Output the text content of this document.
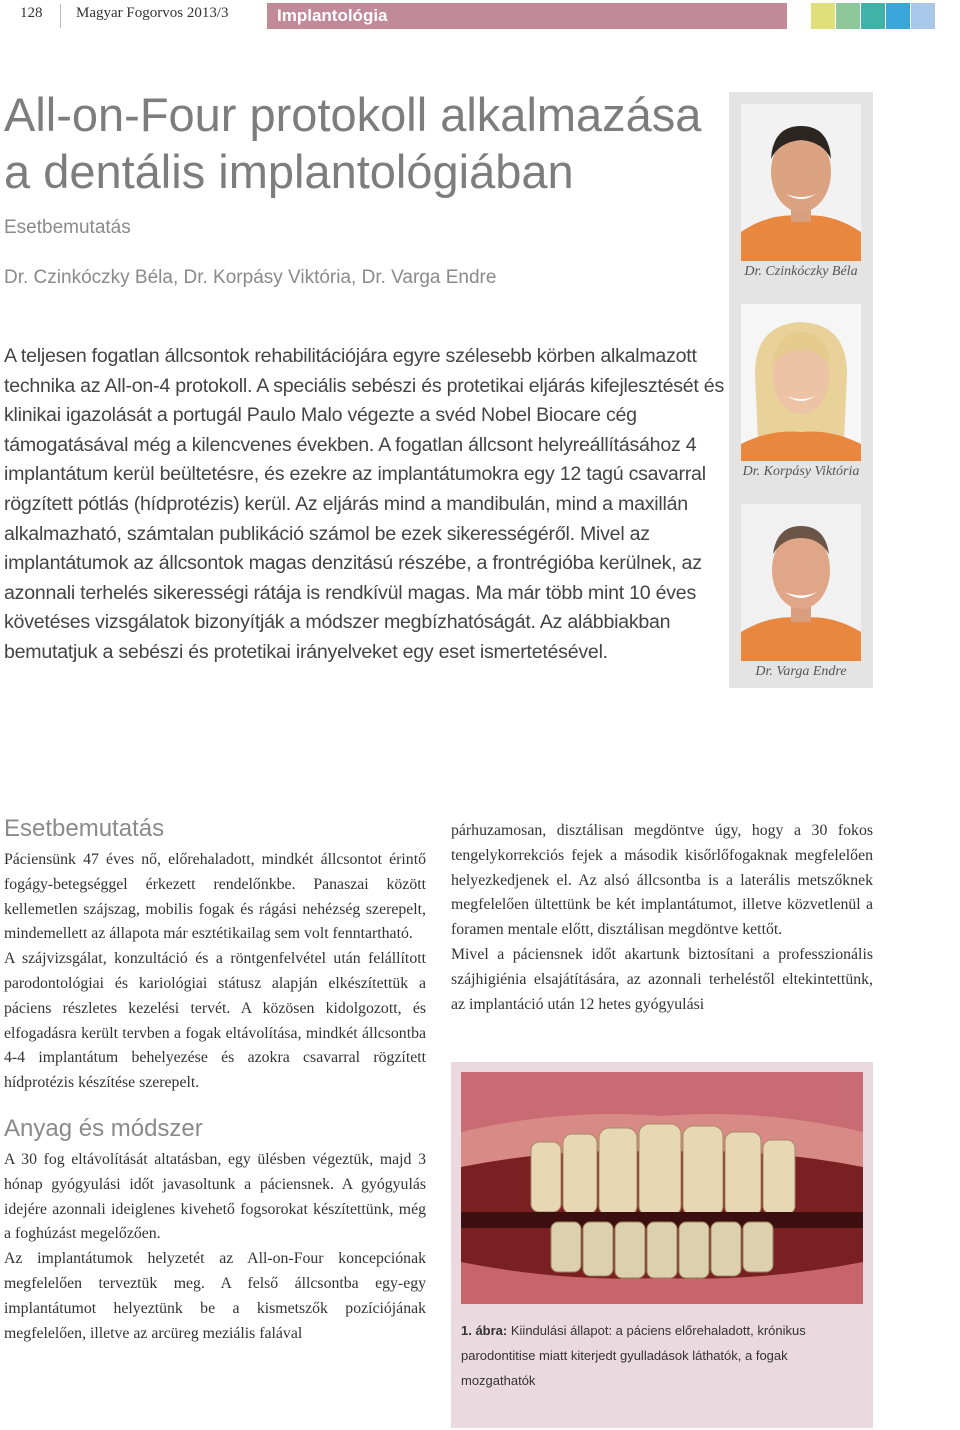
128	Magyar Fogorvos 2013/3	Implantológia
All-on-Four protokoll alkalmazása
a dentális implantológiában
Esetbemutatás
Dr. Czinkóczky Béla, Dr. Korpásy Viktória, Dr. Varga Endre
A teljesen fogatlan állcsontok rehabilitációjára egyre szélesebb körben alkalmazott technika az All-on-4 protokoll. A speciális sebészi és protetikai eljárás kifejlesztését és klinikai igazolását a portugál Paulo Malo végezte a svéd Nobel Biocare cég támogatásával még a kilencvenes években. A fogatlan állcsont helyreállításához 4 implantátum kerül beültetésre, és ezekre az implantátumokra egy 12 tagú csavarral rögzített pótlás (hídprotézis) kerül. Az eljárás mind a mandibulán, mind a maxillán alkalmazható, számtalan publikáció számol be ezek sikerességéről. Mivel az implantátumok az állcsontok magas denzitású részébe, a frontrégióba kerülnek, az azonnali terhelés sikerességi rátája is rendkívül magas. Ma már több mint 10 éves követéses vizsgálatok bizonyítják a módszer megbízhatóságát. Az alábbiakban bemutatjuk a sebészi és protetikai irányelveket egy eset ismertetésével.
Dr. Czinkóczky Béla
Dr. Korpásy Viktória
Dr. Varga Endre
Esetbemutatás

Páciensünk 47 éves nő, előrehaladott, mindkét állcsontot érintő fogágy-betegséggel érkezett rendelőnkbe. Panaszai között kellemetlen szájszag, mobilis fogak és rágási nehézség szerepelt, mindemellett az állapota már esztétikailag sem volt fenntartható.

A szájvizsgálat, konzultáció és a röntgenfelvétel után felállított parodontológiai és kariológiai státusz alapján elkészítettük a páciens részletes kezelési tervét. A közösen kidolgozott, és elfogadásra került tervben a fogak eltávolítása, mindkét állcsontba 4-4 implantátum behelyezése és azokra csavarral rögzített hídprotézis készítése szerepelt.

Anyag és módszer

A 30 fog eltávolítását altatásban, egy ülésben végeztük, majd 3 hónap gyógyulási időt javasoltunk a páciensnek. A gyógyulás idejére azonnali ideiglenes kivehető fogsorokat készítettünk, még a foghúzást megelőzően.

Az implantátumok helyzetét az All-on-Four koncepciónak megfelelően terveztük meg. A felső állcsontba egy-egy implantátumot helyeztünk be a kismetszők pozíciójának megfelelően, illetve az arcüreg meziális falával

párhuzamosan, disztálisan megdöntve úgy, hogy a 30 fokos tengelykorrekciós fejek a második kisőrlőfogaknak megfelelően helyezkedjenek el. Az alsó állcsontba is a laterális metszőknek megfelelően ültettünk be két implantátumot, illetve közvetlenül a foramen mentale előtt, disztálisan megdöntve kettőt.

Mivel a páciensnek időt akartunk biztosítani a professzionális szájhigiénia elsajátítására, az azonnali terheléstől eltekintettünk, az implantáció után 12 hetes gyógyulási

1. ábra: Kiindulási állapot: a páciens előrehaladott, krónikus parodontitise miatt kiterjedt gyulladások láthatók, a fogak mozgathatók
